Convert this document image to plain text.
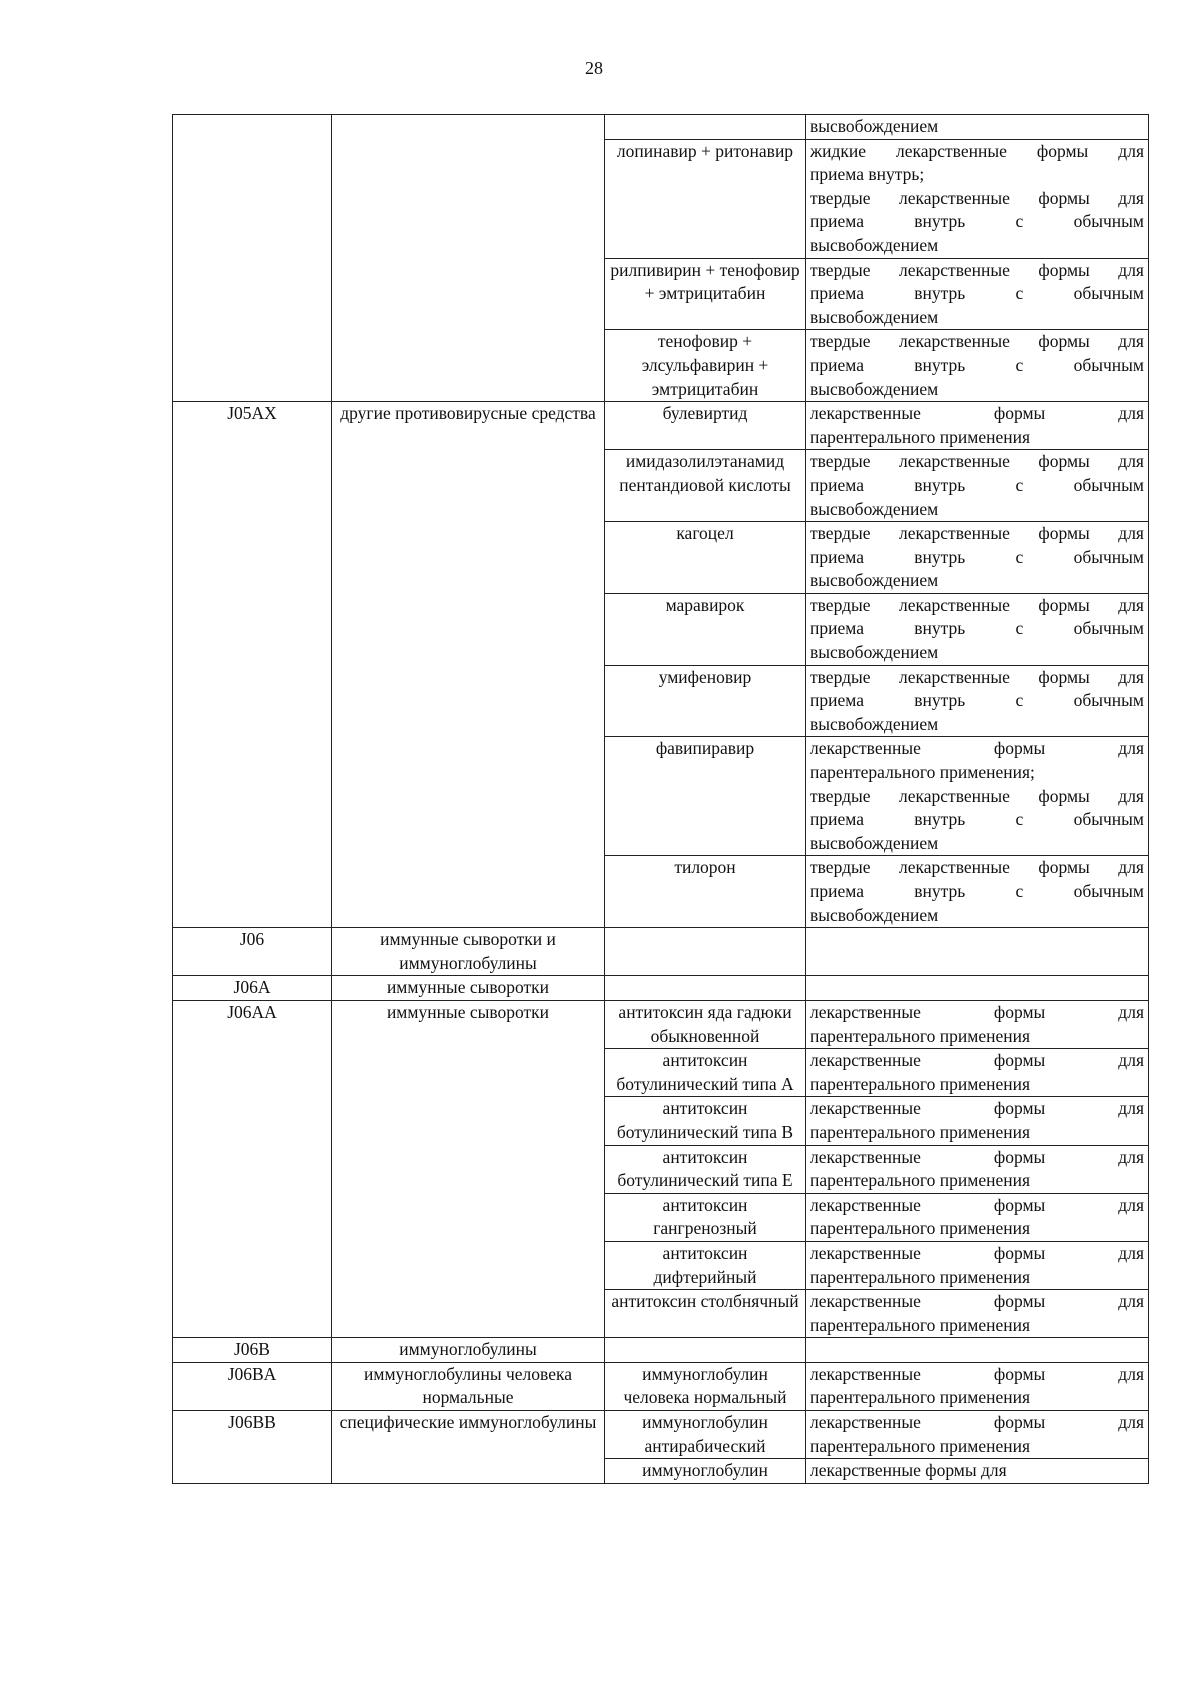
28

			высвобождением

		лопинавир + ритонавир	жидкие лекарственные формы для
приема внутрь;
твердые лекарственные формы для
приема внутрь с обычным
высвобождением

		рилпивирин + тенофовир + эмтрицитабин	твердые лекарственные формы для
приема внутрь с обычным
высвобождением

		тенофовир + элсульфавирин + эмтрицитабин	твердые лекарственные формы для
приема внутрь с обычным
высвобождением

J05AX	другие противовирусные средства	булевиртид	лекарственные формы для
парентерального применения

		имидазолилэтанамид пентандиовой кислоты	твердые лекарственные формы для
приема внутрь с обычным
высвобождением

		кагоцел	твердые лекарственные формы для
приема внутрь с обычным
высвобождением

		маравирок	твердые лекарственные формы для
приема внутрь с обычным
высвобождением

		умифеновир	твердые лекарственные формы для
приема внутрь с обычным
высвобождением

		фавипиравир	лекарственные формы для
парентерального применения;
твердые лекарственные формы для
приема внутрь с обычным
высвобождением

		тилорон	твердые лекарственные формы для
приема внутрь с обычным
высвобождением

J06	иммунные сыворотки и иммуноглобулины		
J06A	иммунные сыворотки		
J06AA	иммунные сыворотки	антитоксин яда гадюки обыкновенной	лекарственные формы для
парентерального применения

		антитоксин ботулинический типа A	лекарственные формы для
парентерального применения

		антитоксин ботулинический типа B	лекарственные формы для
парентерального применения

		антитоксин ботулинический типа E	лекарственные формы для
парентерального применения

		антитоксин гангренозный	лекарственные формы для
парентерального применения

		антитоксин дифтерийный	лекарственные формы для
парентерального применения

		антитоксин столбнячный	лекарственные формы для
парентерального применения

J06B	иммуноглобулины		
J06BA	иммуноглобулины человека нормальные	иммуноглобулин человека нормальный	лекарственные формы для
парентерального применения

J06BB	специфические иммуноглобулины	иммуноглобулин антирабический	лекарственные формы для
парентерального применения

		иммуноглобулин	лекарственные формы для
